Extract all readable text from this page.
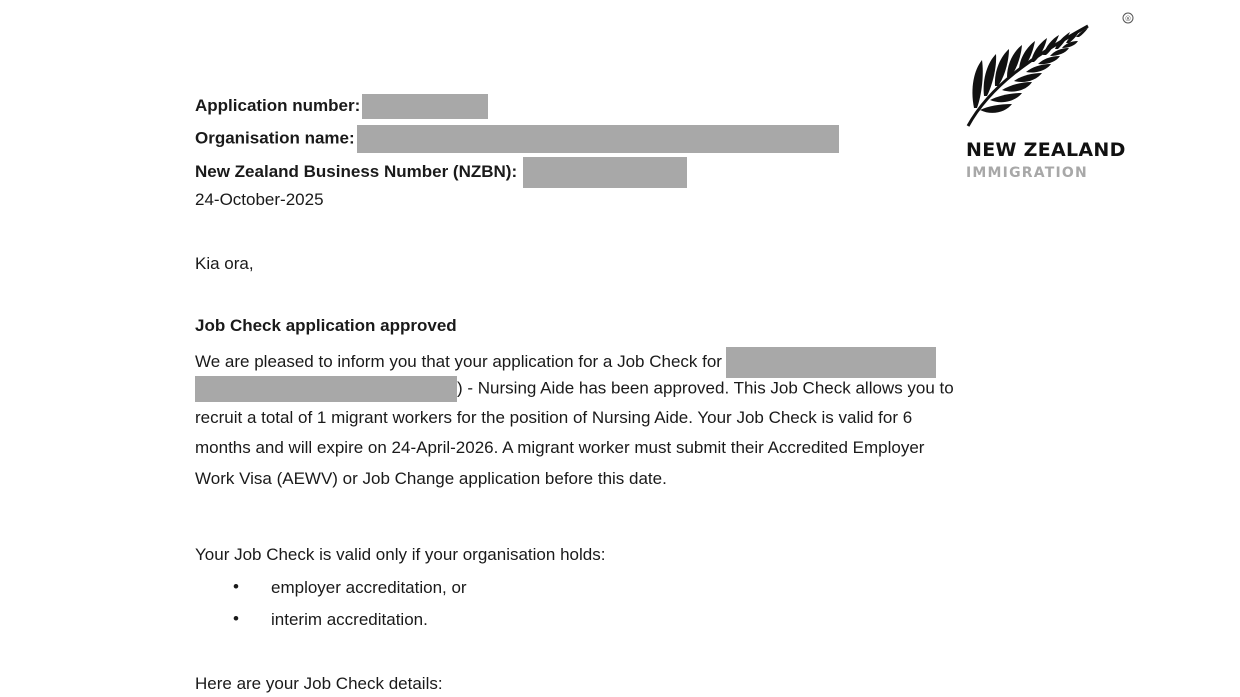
Application number:
Organisation name:
New Zealand Business Number (NZBN):
24-October-2025
Kia ora,
Job Check application approved
We are pleased to inform you that your application for a Job Check for
) - Nursing Aide has been approved. This Job Check allows you to
recruit a total of 1 migrant workers for the position of Nursing Aide. Your Job Check is valid for 6
months and will expire on 24-April-2026. A migrant worker must submit their Accredited Employer
Work Visa (AEWV) or Job Change application before this date.
Your Job Check is valid only if your organisation holds:
• employer accreditation, or
• interim accreditation.
Here are your Job Check details:
®
NEW ZEALAND
IMMIGRATION
